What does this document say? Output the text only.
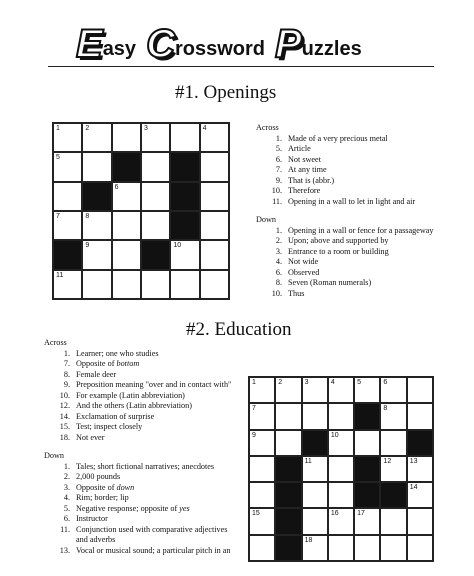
E asy C rossword P uzzles
#1. Openings
1	2	3	4
5
6
7	8
9	10
11
Across
1. Made of a very precious metal
5. Article
6. Not sweet
7. At any time
9. That is (abbr.)
10. Therefore
11. Opening in a wall to let in light and air
Down
1. Opening in a wall or fence for a passageway
2. Upon; above and supported by
3. Entrance to a room or building
4. Not wide
6. Observed
8. Seven (Roman numerals)
10. Thus
#2. Education
Across
1. Learner; one who studies
7. Opposite of bottom
8. Female deer
9. Preposition meaning "over and in contact with"
10. For example (Latin abbreviation)
12. And the others (Latin abbreviation)
14. Exclamation of surprise
15. Test; inspect closely
18. Not ever
Down
1. Tales; short fictional narratives; anecdotes
2. 2,000 pounds
3. Opposite of down
4. Rim; border; lip
5. Negative response; opposite of yes
6. Instructor
11. Conjunction used with comparative adjectives
and adverbs
13. Vocal or musical sound; a particular pitch in an
1	2	3	4	5	6
7	8
9	10
11	12	13
14
15	16	17
18
